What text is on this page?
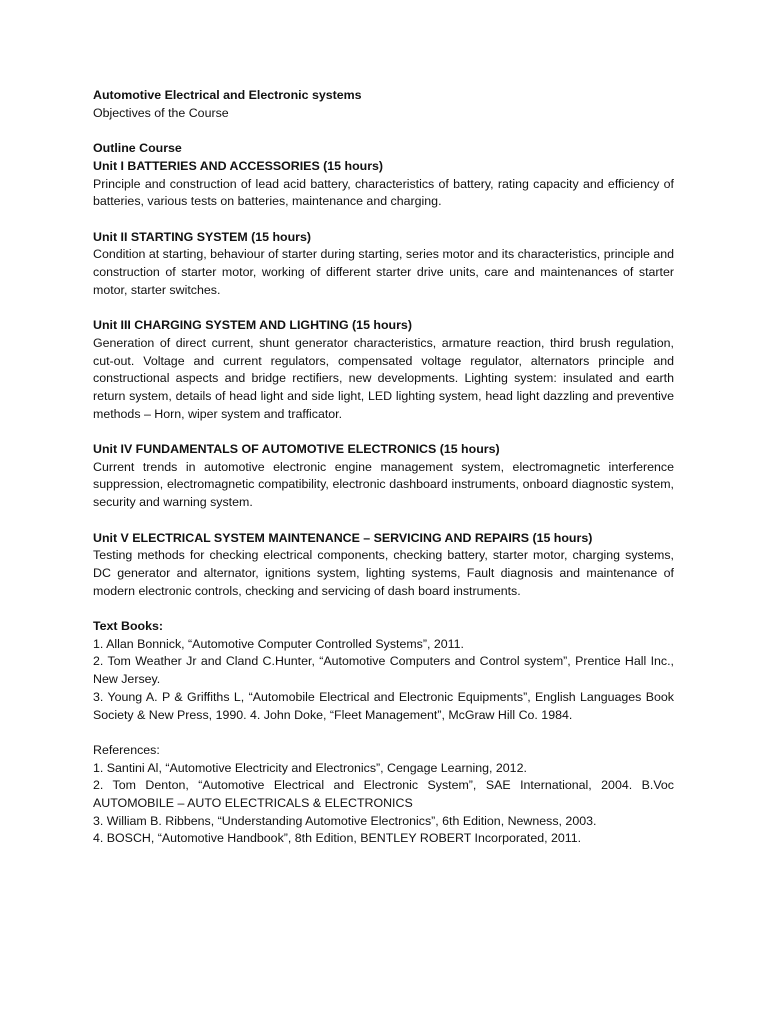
Automotive Electrical and Electronic systems

Objectives of the Course

Outline Course

Unit I BATTERIES AND ACCESSORIES (15 hours)

Principle and construction of lead acid battery, characteristics of battery, rating capacity and efficiency of batteries, various tests on batteries, maintenance and charging.

Unit II STARTING SYSTEM (15 hours)

Condition at starting, behaviour of starter during starting, series motor and its characteristics, principle and construction of starter motor, working of different starter drive units, care and maintenances of starter motor, starter switches.

Unit III CHARGING SYSTEM AND LIGHTING (15 hours)

Generation of direct current, shunt generator characteristics, armature reaction, third brush regulation, cut-out. Voltage and current regulators, compensated voltage regulator, alternators principle and constructional aspects and bridge rectifiers, new developments. Lighting system: insulated and earth return system, details of head light and side light, LED lighting system, head light dazzling and preventive methods – Horn, wiper system and trafficator.

Unit IV FUNDAMENTALS OF AUTOMOTIVE ELECTRONICS (15 hours)

Current trends in automotive electronic engine management system, electromagnetic interference suppression, electromagnetic compatibility, electronic dashboard instruments, onboard diagnostic system, security and warning system.

Unit V ELECTRICAL SYSTEM MAINTENANCE – SERVICING AND REPAIRS (15 hours)

Testing methods for checking electrical components, checking battery, starter motor, charging systems, DC generator and alternator, ignitions system, lighting systems, Fault diagnosis and maintenance of modern electronic controls, checking and servicing of dash board instruments.

Text Books:

1. Allan Bonnick, “Automotive Computer Controlled Systems”, 2011.

2. Tom Weather Jr and Cland C.Hunter, “Automotive Computers and Control system”, Prentice Hall Inc., New Jersey.

3. Young A. P & Griffiths L, “Automobile Electrical and Electronic Equipments”, English Languages Book Society & New Press, 1990. 4. John Doke, “Fleet Management”, McGraw Hill Co. 1984.

References:

1. Santini Al, “Automotive Electricity and Electronics”, Cengage Learning, 2012.

2. Tom Denton, “Automotive Electrical and Electronic System”, SAE International, 2004. B.Voc AUTOMOBILE – AUTO ELECTRICALS & ELECTRONICS

3. William B. Ribbens, “Understanding Automotive Electronics”, 6th Edition, Newness, 2003.

4. BOSCH, “Automotive Handbook”, 8th Edition, BENTLEY ROBERT Incorporated, 2011.
